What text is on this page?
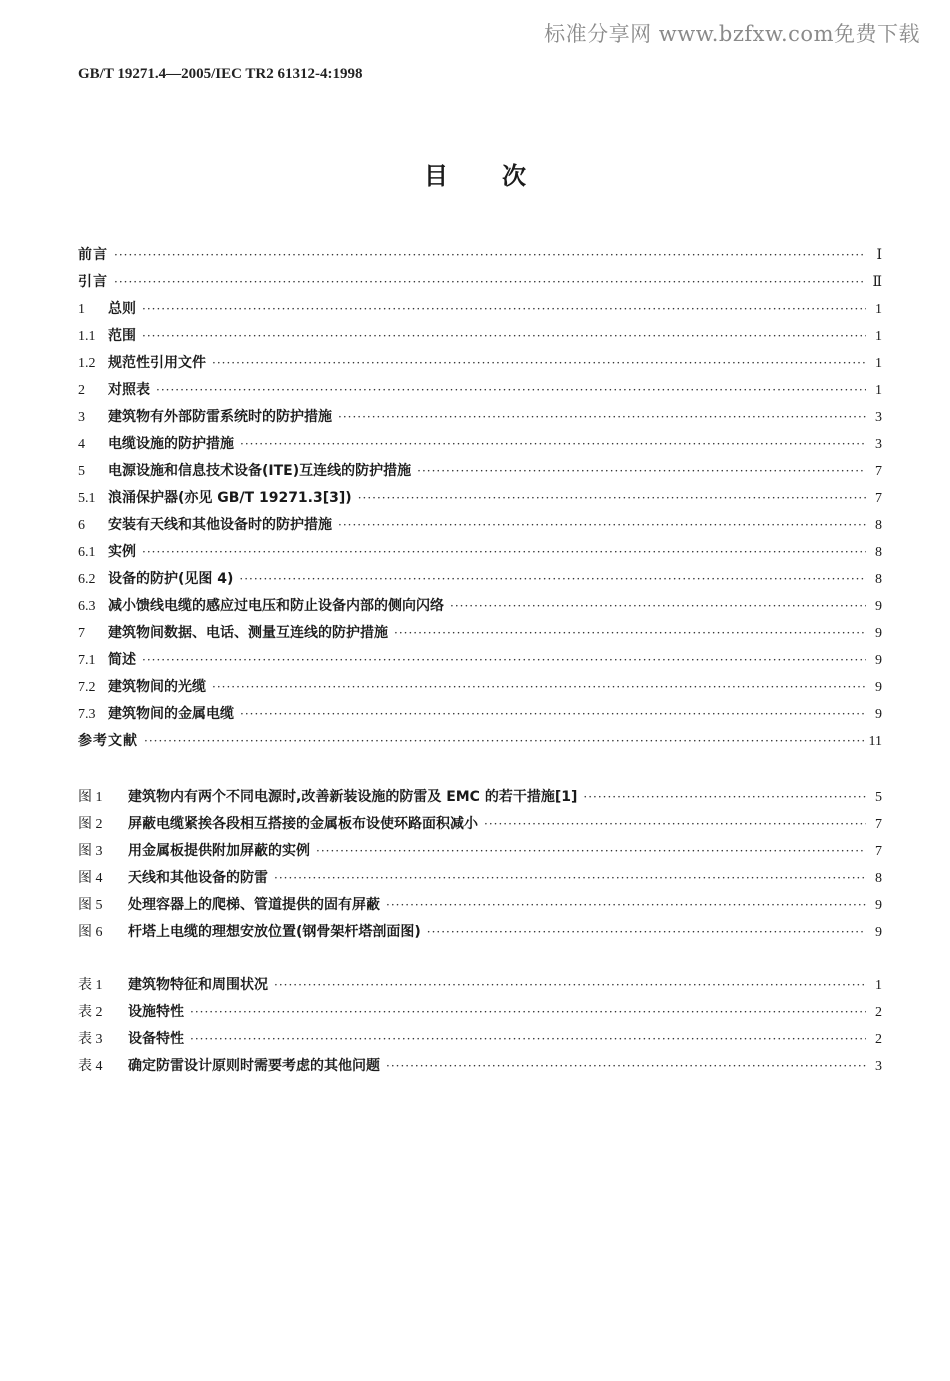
标准分享网 www.bzfxw.com免费下载
GB/T 19271.4—2005/IEC TR2 61312-4:1998
目次
前言 ·····	Ⅰ
引言 ·····	Ⅱ
1	总则 ·····	1
1.1 范围 ·····	1
1.2 规范性引用文件 ·····	1
2	对照表 ·····	1
3	建筑物有外部防雷系统时的防护措施 ·····	3
4	电缆设施的防护措施 ·····	3
5	电源设施和信息技术设备(ITE)互连线的防护措施 ·····	7
5.1 浪涌保护器(亦见 GB/T 19271.3[3]) ·····	7
6	安装有天线和其他设备时的防护措施 ·····	8
6.1 实例 ·····	8
6.2 设备的防护(见图 4) ·····	8
6.3 减小馈线电缆的感应过电压和防止设备内部的侧向闪络 ·····	9
7	建筑物间数据、电话、测量互连线的防护措施 ·····	9
7.1 简述 ·····	9
7.2 建筑物间的光缆 ·····	9
7.3 建筑物间的金属电缆 ·····	9
参考文献 ·····	11
图 1	建筑物内有两个不同电源时,改善新装设施的防雷及 EMC 的若干措施[1] ·····	5
图 2	屏蔽电缆紧挨各段相互搭接的金属板布设使环路面积减小 ·····	7
图 3	用金属板提供附加屏蔽的实例 ·····	7
图 4	天线和其他设备的防雷 ·····	8
图 5	处理容器上的爬梯、管道提供的固有屏蔽 ·····	9
图 6	杆塔上电缆的理想安放位置(钢骨架杆塔剖面图) ·····	9
表 1	建筑物特征和周围状况 ·····	1
表 2	设施特性 ·····	2
表 3	设备特性 ·····	2
表 4	确定防雷设计原则时需要考虑的其他问题 ·····	3
